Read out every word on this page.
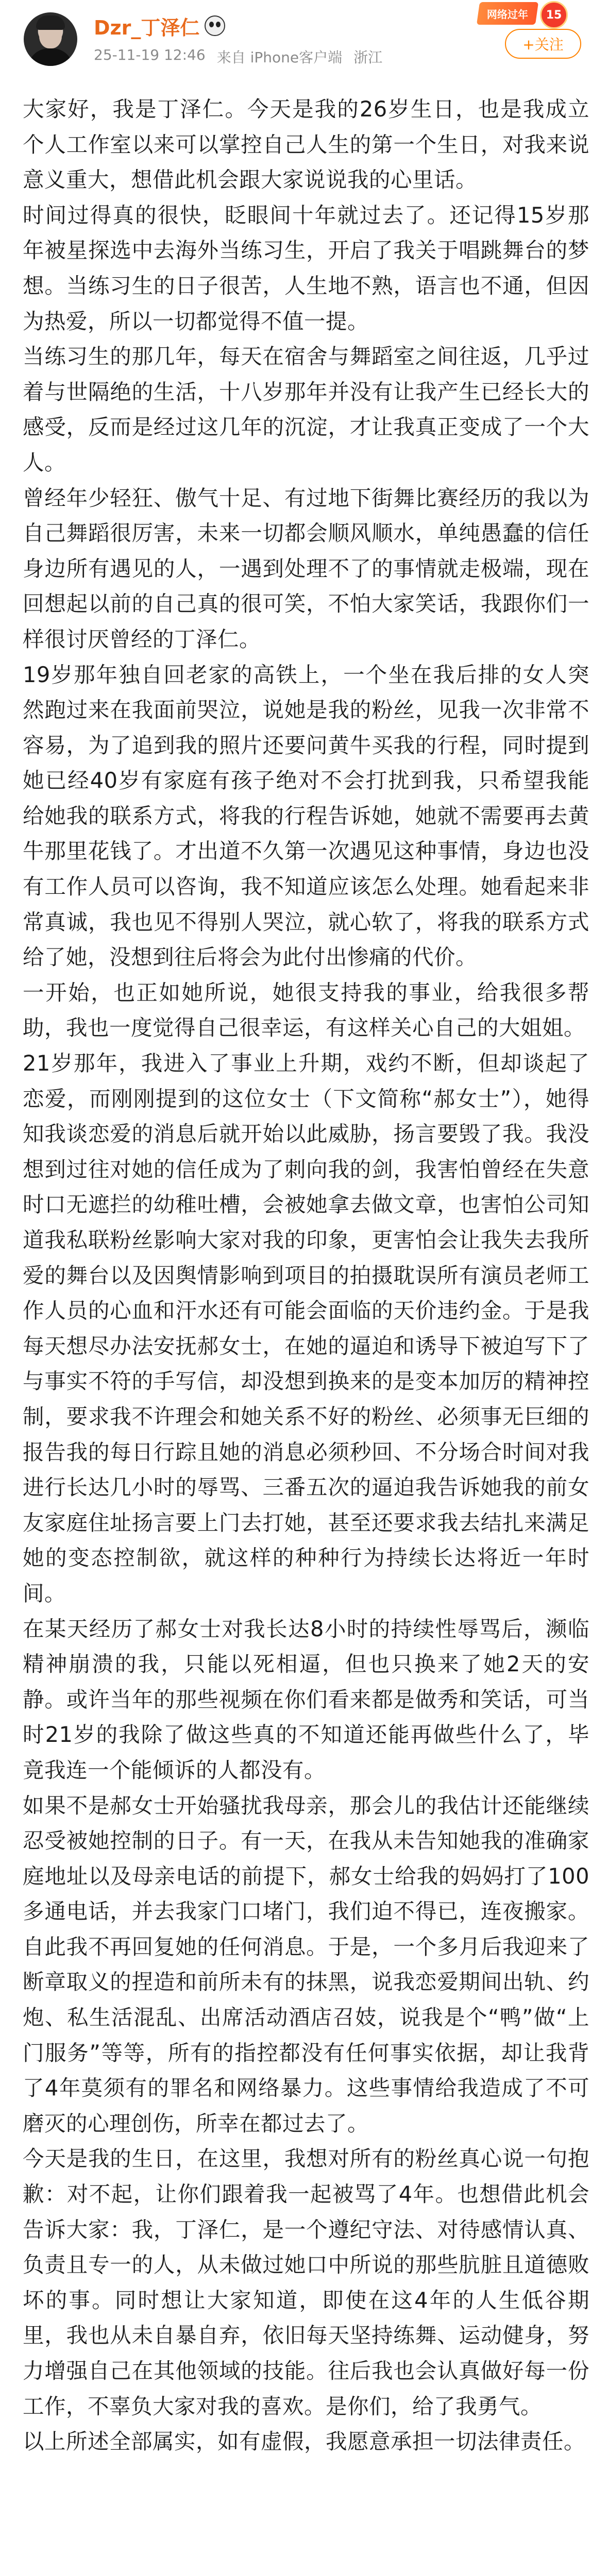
Dzr_丁泽仁
25-11-19 12:46 来自 iPhone客户端 浙江
网络过年	15
+关注

大家好，我是丁泽仁。今天是我的26岁生日，也是我成立个人工作室以来可以掌控自己人生的第一个生日，对我来说意义重大，想借此机会跟大家说说我的心里话。

时间过得真的很快，眨眼间十年就过去了。还记得15岁那年被星探选中去海外当练习生，开启了我关于唱跳舞台的梦想。当练习生的日子很苦，人生地不熟，语言也不通，但因为热爱，所以一切都觉得不值一提。

当练习生的那几年，每天在宿舍与舞蹈室之间往返，几乎过着与世隔绝的生活，十八岁那年并没有让我产生已经长大的感受，反而是经过这几年的沉淀，才让我真正变成了一个大人。

曾经年少轻狂、傲气十足、有过地下街舞比赛经历的我以为自己舞蹈很厉害，未来一切都会顺风顺水，单纯愚蠢的信任身边所有遇见的人，一遇到处理不了的事情就走极端，现在回想起以前的自己真的很可笑，不怕大家笑话，我跟你们一样很讨厌曾经的丁泽仁。

19岁那年独自回老家的高铁上，一个坐在我后排的女人突然跑过来在我面前哭泣，说她是我的粉丝，见我一次非常不容易，为了追到我的照片还要问黄牛买我的行程，同时提到她已经40岁有家庭有孩子绝对不会打扰到我，只希望我能给她我的联系方式，将我的行程告诉她，她就不需要再去黄牛那里花钱了。才出道不久第一次遇见这种事情，身边也没有工作人员可以咨询，我不知道应该怎么处理。她看起来非常真诚，我也见不得别人哭泣，就心软了，将我的联系方式给了她，没想到往后将会为此付出惨痛的代价。

一开始，也正如她所说，她很支持我的事业，给我很多帮助，我也一度觉得自己很幸运，有这样关心自己的大姐姐。

21岁那年，我进入了事业上升期，戏约不断，但却谈起了恋爱，而刚刚提到的这位女士（下文简称“郝女士”），她得知我谈恋爱的消息后就开始以此威胁，扬言要毁了我。我没想到过往对她的信任成为了刺向我的剑，我害怕曾经在失意时口无遮拦的幼稚吐槽，会被她拿去做文章，也害怕公司知道我私联粉丝影响大家对我的印象，更害怕会让我失去我所爱的舞台以及因舆情影响到项目的拍摄耽误所有演员老师工作人员的心血和汗水还有可能会面临的天价违约金。于是我每天想尽办法安抚郝女士，在她的逼迫和诱导下被迫写下了与事实不符的手写信，却没想到换来的是变本加厉的精神控制，要求我不许理会和她关系不好的粉丝、必须事无巨细的报告我的每日行踪且她的消息必须秒回、不分场合时间对我进行长达几小时的辱骂、三番五次的逼迫我告诉她我的前女友家庭住址扬言要上门去打她，甚至还要求我去结扎来满足她的变态控制欲，就这样的种种行为持续长达将近一年时间。

在某天经历了郝女士对我长达8小时的持续性辱骂后，濒临精神崩溃的我，只能以死相逼，但也只换来了她2天的安静。或许当年的那些视频在你们看来都是做秀和笑话，可当时21岁的我除了做这些真的不知道还能再做些什么了，毕竟我连一个能倾诉的人都没有。

如果不是郝女士开始骚扰我母亲，那会儿的我估计还能继续忍受被她控制的日子。有一天，在我从未告知她我的准确家庭地址以及母亲电话的前提下，郝女士给我的妈妈打了100多通电话，并去我家门口堵门，我们迫不得已，连夜搬家。自此我不再回复她的任何消息。于是，一个多月后我迎来了断章取义的捏造和前所未有的抹黑，说我恋爱期间出轨、约炮、私生活混乱、出席活动酒店召妓，说我是个“鸭”做“上门服务”等等，所有的指控都没有任何事实依据，却让我背了4年莫须有的罪名和网络暴力。这些事情给我造成了不可磨灭的心理创伤，所幸在都过去了。

今天是我的生日，在这里，我想对所有的粉丝真心说一句抱歉：对不起，让你们跟着我一起被骂了4年。也想借此机会告诉大家：我，丁泽仁，是一个遵纪守法、对待感情认真、负责且专一的人，从未做过她口中所说的那些肮脏且道德败坏的事。同时想让大家知道，即使在这4年的人生低谷期里，我也从未自暴自弃，依旧每天坚持练舞、运动健身，努力增强自己在其他领域的技能。往后我也会认真做好每一份工作，不辜负大家对我的喜欢。是你们，给了我勇气。

以上所述全部属实，如有虚假，我愿意承担一切法律责任。
